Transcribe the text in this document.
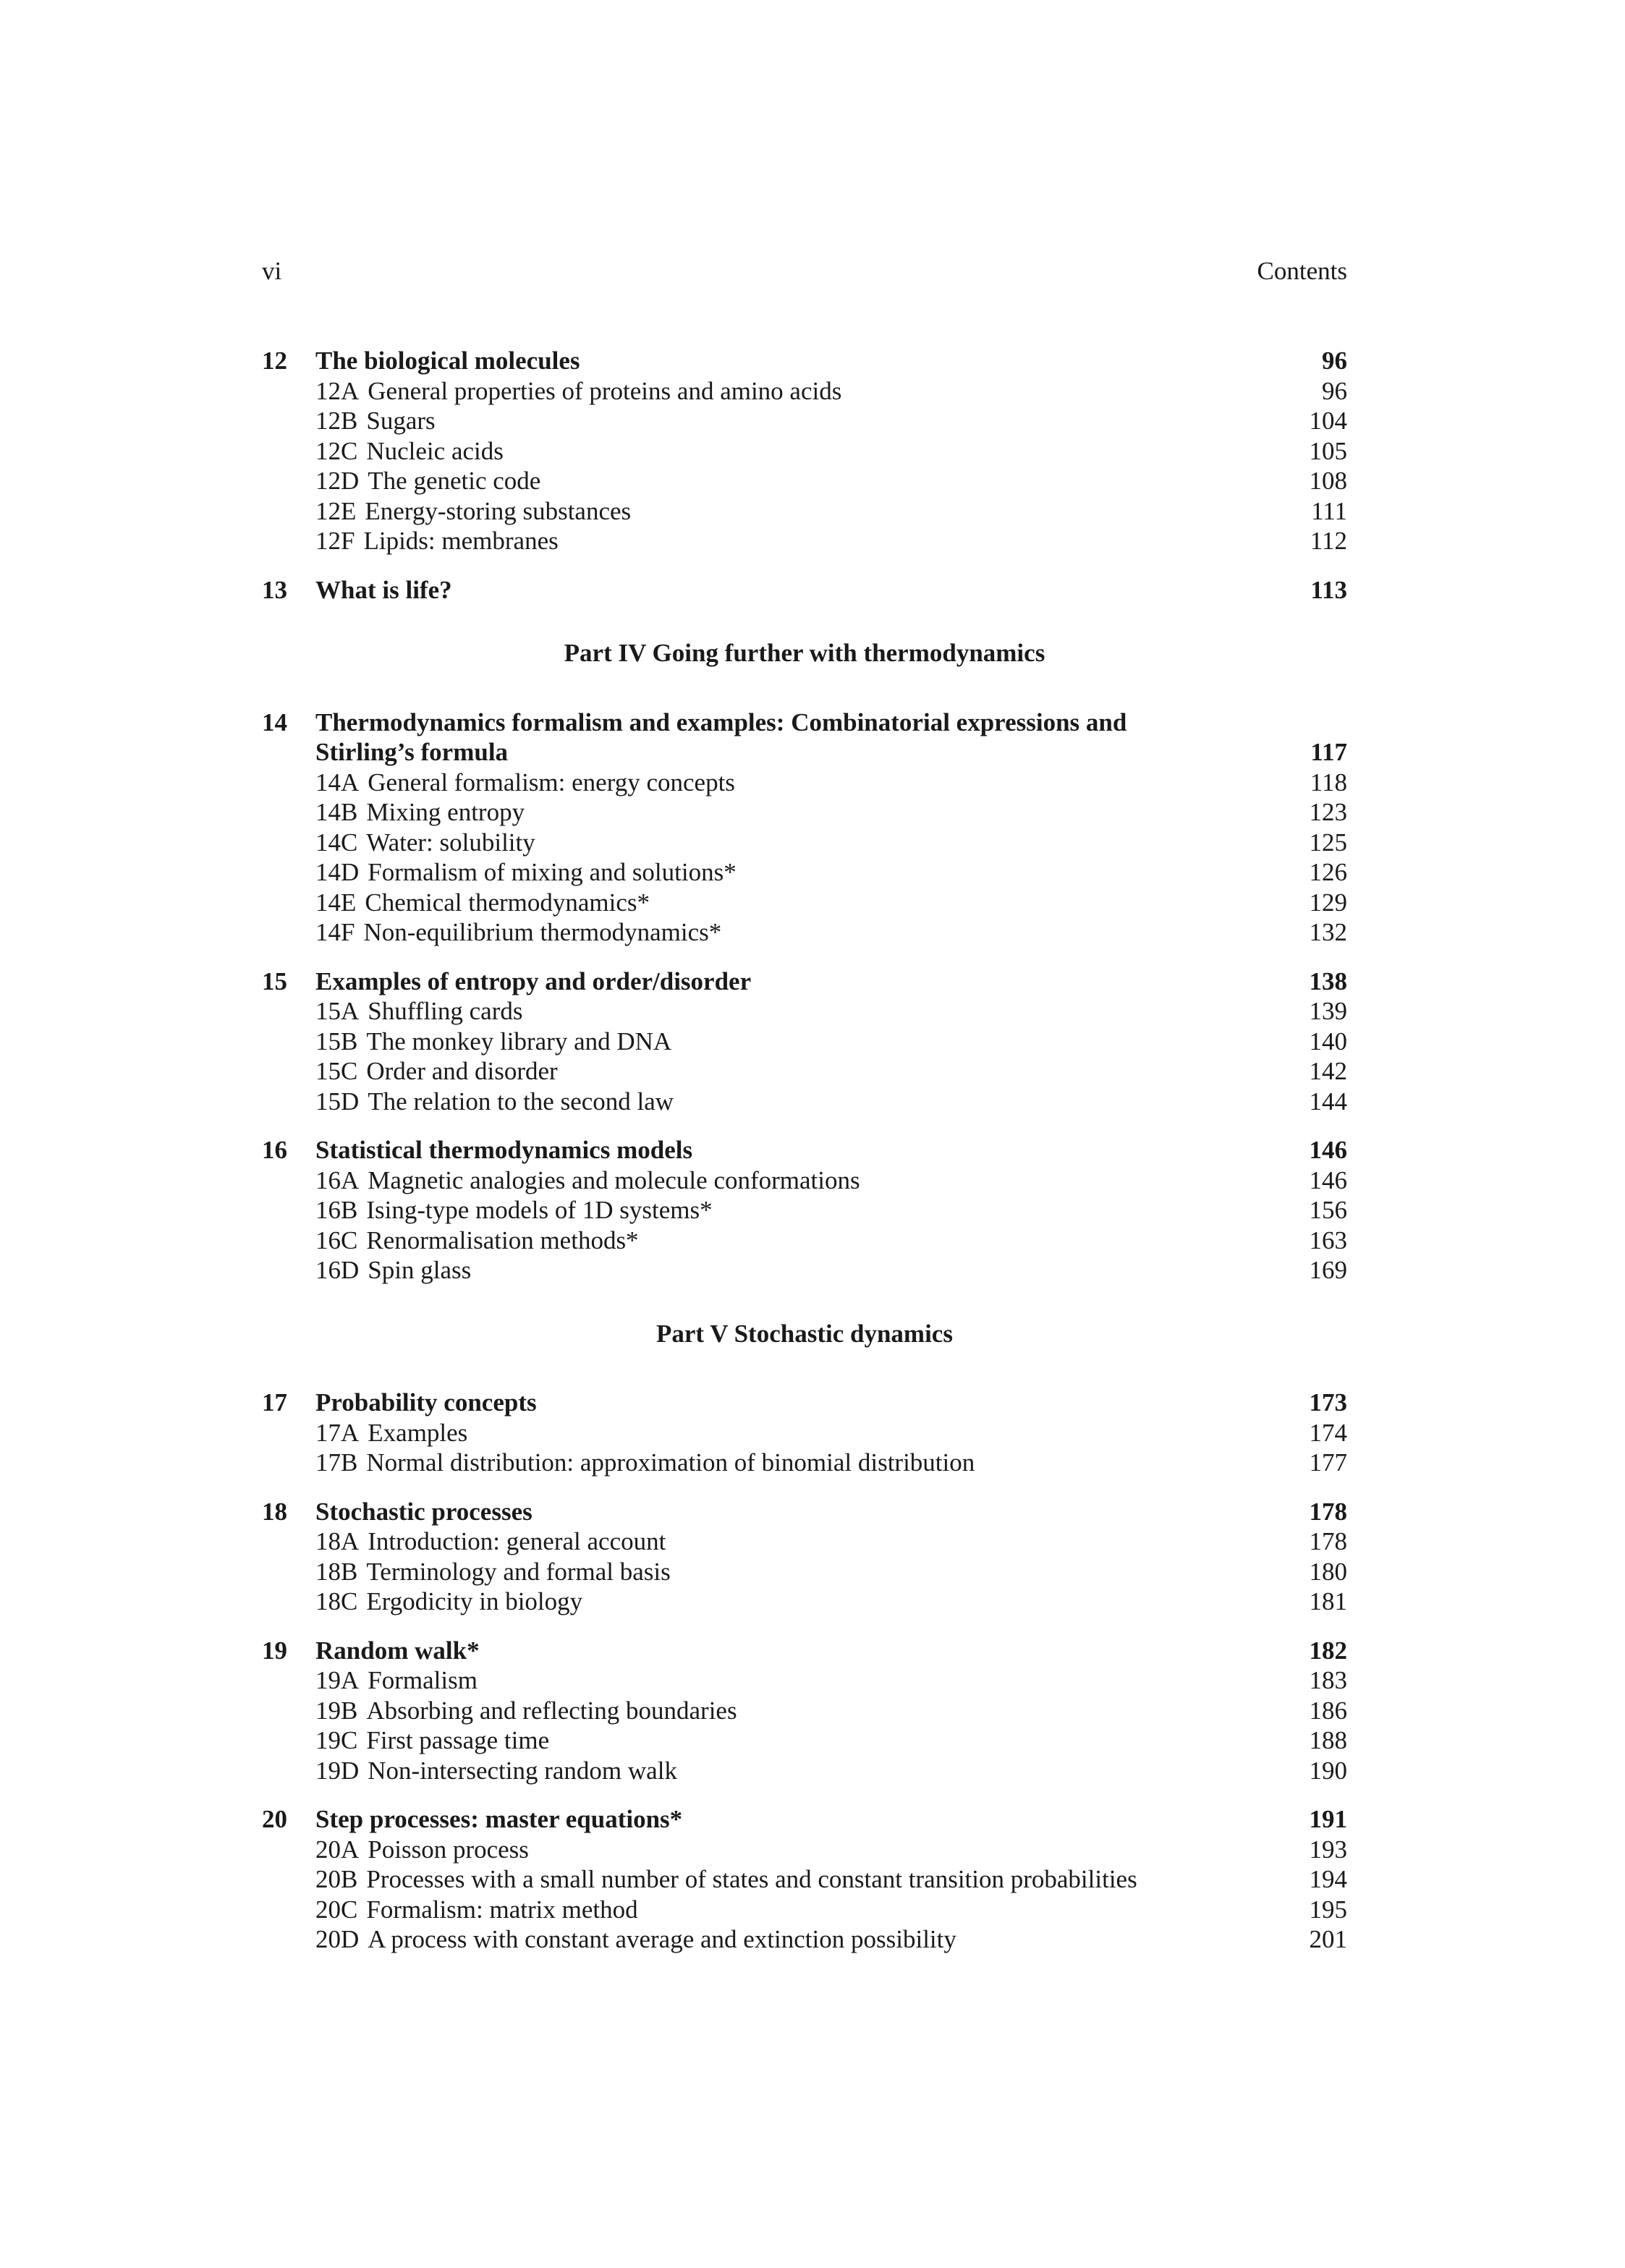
vi	Contents
12	The biological molecules	96
12A General properties of proteins and amino acids	96
12B Sugars	104
12C Nucleic acids	105
12D The genetic code	108
12E Energy-storing substances	111
12F Lipids: membranes	112
13	What is life?	113
Part IV Going further with thermodynamics
14	Thermodynamics formalism and examples: Combinatorial expressions and
Stirling’s formula	117
14A General formalism: energy concepts	118
14B Mixing entropy	123
14C Water: solubility	125
14D Formalism of mixing and solutions*	126
14E Chemical thermodynamics*	129
14F Non-equilibrium thermodynamics*	132
15	Examples of entropy and order/disorder	138
15A Shuffling cards	139
15B The monkey library and DNA	140
15C Order and disorder	142
15D The relation to the second law	144
16	Statistical thermodynamics models	146
16A Magnetic analogies and molecule conformations	146
16B Ising-type models of 1D systems*	156
16C Renormalisation methods*	163
16D Spin glass	169
Part V Stochastic dynamics
17	Probability concepts	173
17A Examples	174
17B Normal distribution: approximation of binomial distribution	177
18	Stochastic processes	178
18A Introduction: general account	178
18B Terminology and formal basis	180
18C Ergodicity in biology	181
19	Random walk*	182
19A Formalism	183
19B Absorbing and reflecting boundaries	186
19C First passage time	188
19D Non-intersecting random walk	190
20	Step processes: master equations*	191
20A Poisson process	193
20B Processes with a small number of states and constant transition probabilities	194
20C Formalism: matrix method	195
20D A process with constant average and extinction possibility	201
